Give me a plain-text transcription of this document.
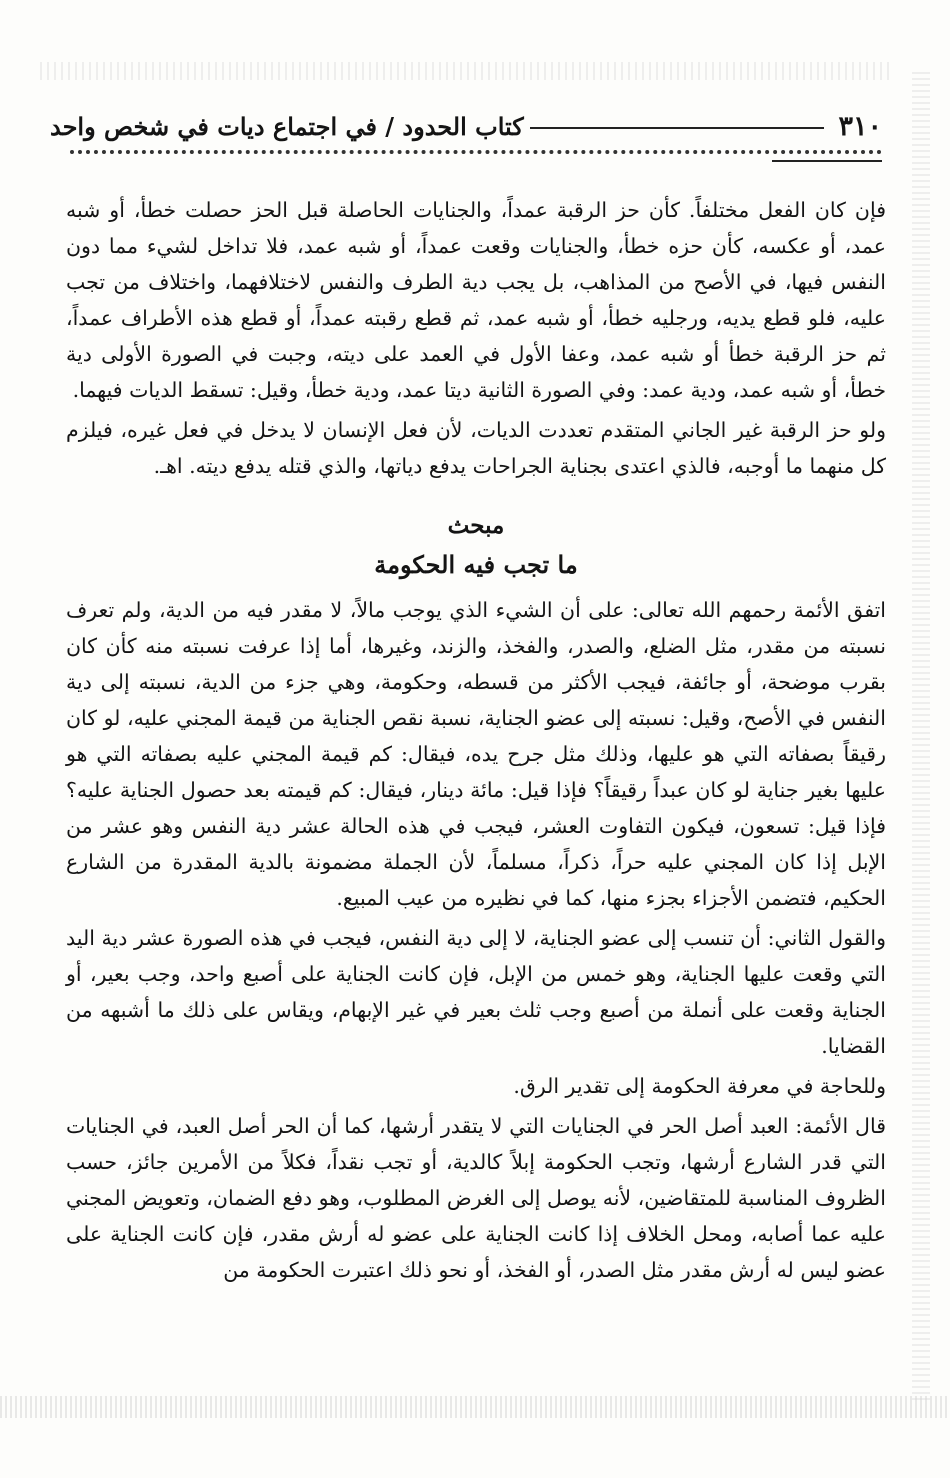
٣١٠
كتاب الحدود / في اجتماع ديات في شخص واحد

فإن كان الفعل مختلفاً. كأن حز الرقبة عمداً، والجنايات الحاصلة قبل الحز حصلت خطأ، أو شبه عمد، أو عكسه، كأن حزه خطأ، والجنايات وقعت عمداً، أو شبه عمد، فلا تداخل لشيء مما دون النفس فيها، في الأصح من المذاهب، بل يجب دية الطرف والنفس لاختلافهما، واختلاف من تجب عليه، فلو قطع يديه، ورجليه خطأ، أو شبه عمد، ثم قطع رقبته عمداً، أو قطع هذه الأطراف عمداً، ثم حز الرقبة خطأ أو شبه عمد، وعفا الأول في العمد على ديته، وجبت في الصورة الأولى دية خطأ، أو شبه عمد، ودية عمد: وفي الصورة الثانية ديتا عمد، ودية خطأ، وقيل: تسقط الديات فيهما.

ولو حز الرقبة غير الجاني المتقدم تعددت الديات، لأن فعل الإنسان لا يدخل في فعل غيره، فيلزم كل منهما ما أوجبه، فالذي اعتدى بجناية الجراحات يدفع دياتها، والذي قتله يدفع ديته. اهـ.

مبحث
ما تجب فيه الحكومة

اتفق الأئمة رحمهم الله تعالى: على أن الشيء الذي يوجب مالاً، لا مقدر فيه من الدية، ولم تعرف نسبته من مقدر، مثل الضلع، والصدر، والفخذ، والزند، وغيرها، أما إذا عرفت نسبته منه كأن كان بقرب موضحة، أو جائفة، فيجب الأكثر من قسطه، وحكومة، وهي جزء من الدية، نسبته إلى دية النفس في الأصح، وقيل: نسبته إلى عضو الجناية، نسبة نقص الجناية من قيمة المجني عليه، لو كان رقيقاً بصفاته التي هو عليها، وذلك مثل جرح يده، فيقال: كم قيمة المجني عليه بصفاته التي هو عليها بغير جناية لو كان عبداً رقيقاً؟ فإذا قيل: مائة دينار، فيقال: كم قيمته بعد حصول الجناية عليه؟ فإذا قيل: تسعون، فيكون التفاوت العشر، فيجب في هذه الحالة عشر دية النفس وهو عشر من الإبل إذا كان المجني عليه حراً، ذكراً، مسلماً، لأن الجملة مضمونة بالدية المقدرة من الشارع الحكيم، فتضمن الأجزاء بجزء منها، كما في نظيره من عيب المبيع.

والقول الثاني: أن تنسب إلى عضو الجناية، لا إلى دية النفس، فيجب في هذه الصورة عشر دية اليد التي وقعت عليها الجناية، وهو خمس من الإبل، فإن كانت الجناية على أصبع واحد، وجب بعير، أو الجناية وقعت على أنملة من أصبع وجب ثلث بعير في غير الإبهام، ويقاس على ذلك ما أشبهه من القضايا.

وللحاجة في معرفة الحكومة إلى تقدير الرق.

قال الأئمة: العبد أصل الحر في الجنايات التي لا يتقدر أرشها، كما أن الحر أصل العبد، في الجنايات التي قدر الشارع أرشها، وتجب الحكومة إبلاً كالدية، أو تجب نقداً، فكلاً من الأمرين جائز، حسب الظروف المناسبة للمتقاضين، لأنه يوصل إلى الغرض المطلوب، وهو دفع الضمان، وتعويض المجني عليه عما أصابه، ومحل الخلاف إذا كانت الجناية على عضو له أرش مقدر، فإن كانت الجناية على عضو ليس له أرش مقدر مثل الصدر، أو الفخذ، أو نحو ذلك اعتبرت الحكومة من
